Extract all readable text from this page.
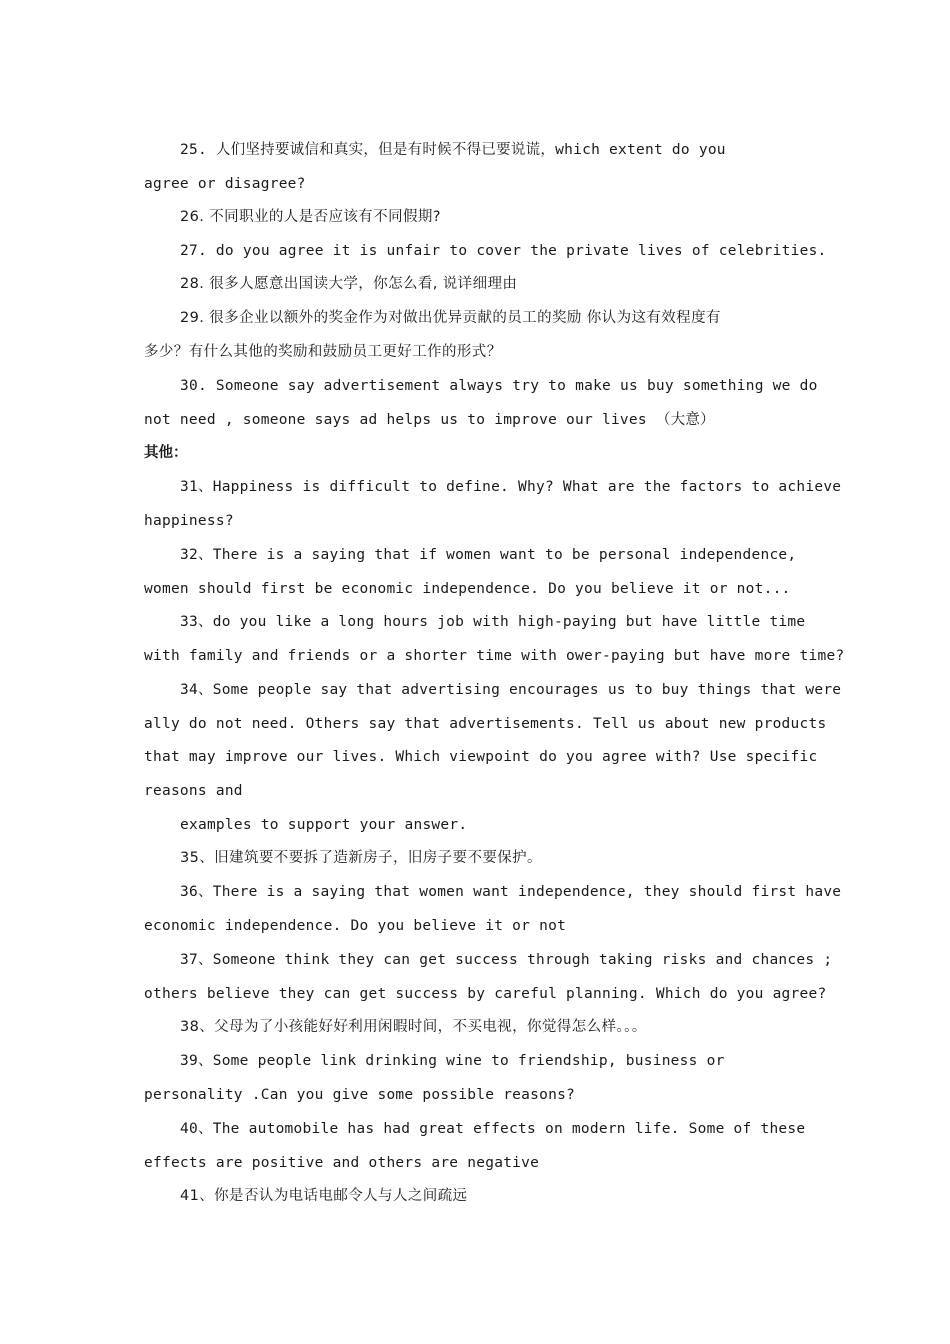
25. 人们坚持要诚信和真实，但是有时候不得已要说谎，which extent do you
agree or disagree?
26. 不同职业的人是否应该有不同假期?
27. do you agree it is unfair to cover the private lives of celebrities.
28. 很多人愿意出国读大学，你怎么看, 说详细理由
29. 很多企业以额外的奖金作为对做出优异贡献的员工的奖励 你认为这有效程度有
多少？有什么其他的奖励和鼓励员工更好工作的形式？
30. Someone say advertisement always try to make us buy something we do
not need , someone says ad helps us to improve our lives （大意）
其他：
31、Happiness is difficult to define. Why? What are the factors to achieve
happiness?
32、There is a saying that if women want to be personal independence,
women should first be economic independence. Do you believe it or not...
33、do you like a long hours job with high-paying but have little time
with family and friends or a shorter time with ower-paying but have more time?
34、Some people say that advertising encourages us to buy things that were
ally do not need. Others say that advertisements. Tell us about new products
that may improve our lives. Which viewpoint do you agree with? Use specific
reasons and
examples to support your answer.
35、旧建筑要不要拆了造新房子，旧房子要不要保护。
36、There is a saying that women want independence, they should first have
economic independence. Do you believe it or not
37、Someone think they can get success through taking risks and chances ;
others believe they can get success by careful planning. Which do you agree?
38、父母为了小孩能好好利用闲暇时间，不买电视，你觉得怎么样。。。
39、Some people link drinking wine to friendship, business or
personality .Can you give some possible reasons?
40、The automobile has had great effects on modern life. Some of these
effects are positive and others are negative
41、你是否认为电话电邮令人与人之间疏远
